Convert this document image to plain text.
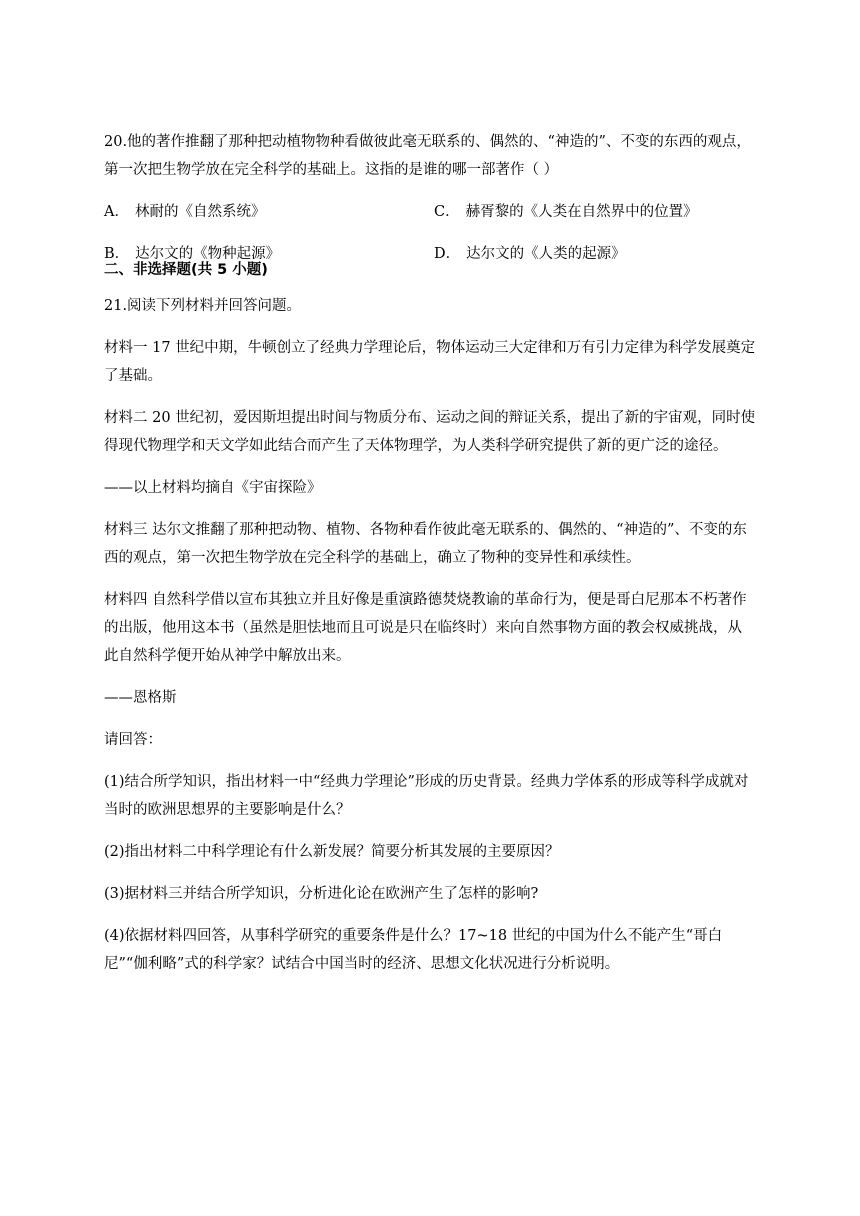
20.他的著作推翻了那种把动植物物种看做彼此毫无联系的、偶然的、“神造的”、不变的东西的观点，第一次把生物学放在完全科学的基础上。这指的是谁的哪一部著作（ ）

A． 林耐的《自然系统》	C． 赫胥黎的《人类在自然界中的位置》
B． 达尔文的《物种起源》	D． 达尔文的《人类的起源》
二、非选择题(共 5 小题)

21.阅读下列材料并回答问题。

材料一 17 世纪中期，牛顿创立了经典力学理论后，物体运动三大定律和万有引力定律为科学发展奠定了基础。

材料二 20 世纪初，爱因斯坦提出时间与物质分布、运动之间的辩证关系，提出了新的宇宙观，同时使得现代物理学和天文学如此结合而产生了天体物理学，为人类科学研究提供了新的更广泛的途径。

——以上材料均摘自《宇宙探险》

材料三 达尔文推翻了那种把动物、植物、各物种看作彼此毫无联系的、偶然的、“神造的”、不变的东西的观点，第一次把生物学放在完全科学的基础上，确立了物种的变异性和承续性。

材料四 自然科学借以宣布其独立并且好像是重演路德焚烧教谕的革命行为，便是哥白尼那本不朽著作的出版，他用这本书（虽然是胆怯地而且可说是只在临终时）来向自然事物方面的教会权威挑战，从此自然科学便开始从神学中解放出来。

——恩格斯

请回答：

(1)结合所学知识，指出材料一中“经典力学理论”形成的历史背景。经典力学体系的形成等科学成就对当时的欧洲思想界的主要影响是什么？

(2)指出材料二中科学理论有什么新发展？简要分析其发展的主要原因？

(3)据材料三并结合所学知识，分析进化论在欧洲产生了怎样的影响?

(4)依据材料四回答，从事科学研究的重要条件是什么？17~18 世纪的中国为什么不能产生“哥白尼”“伽利略”式的科学家？试结合中国当时的经济、思想文化状况进行分析说明。
